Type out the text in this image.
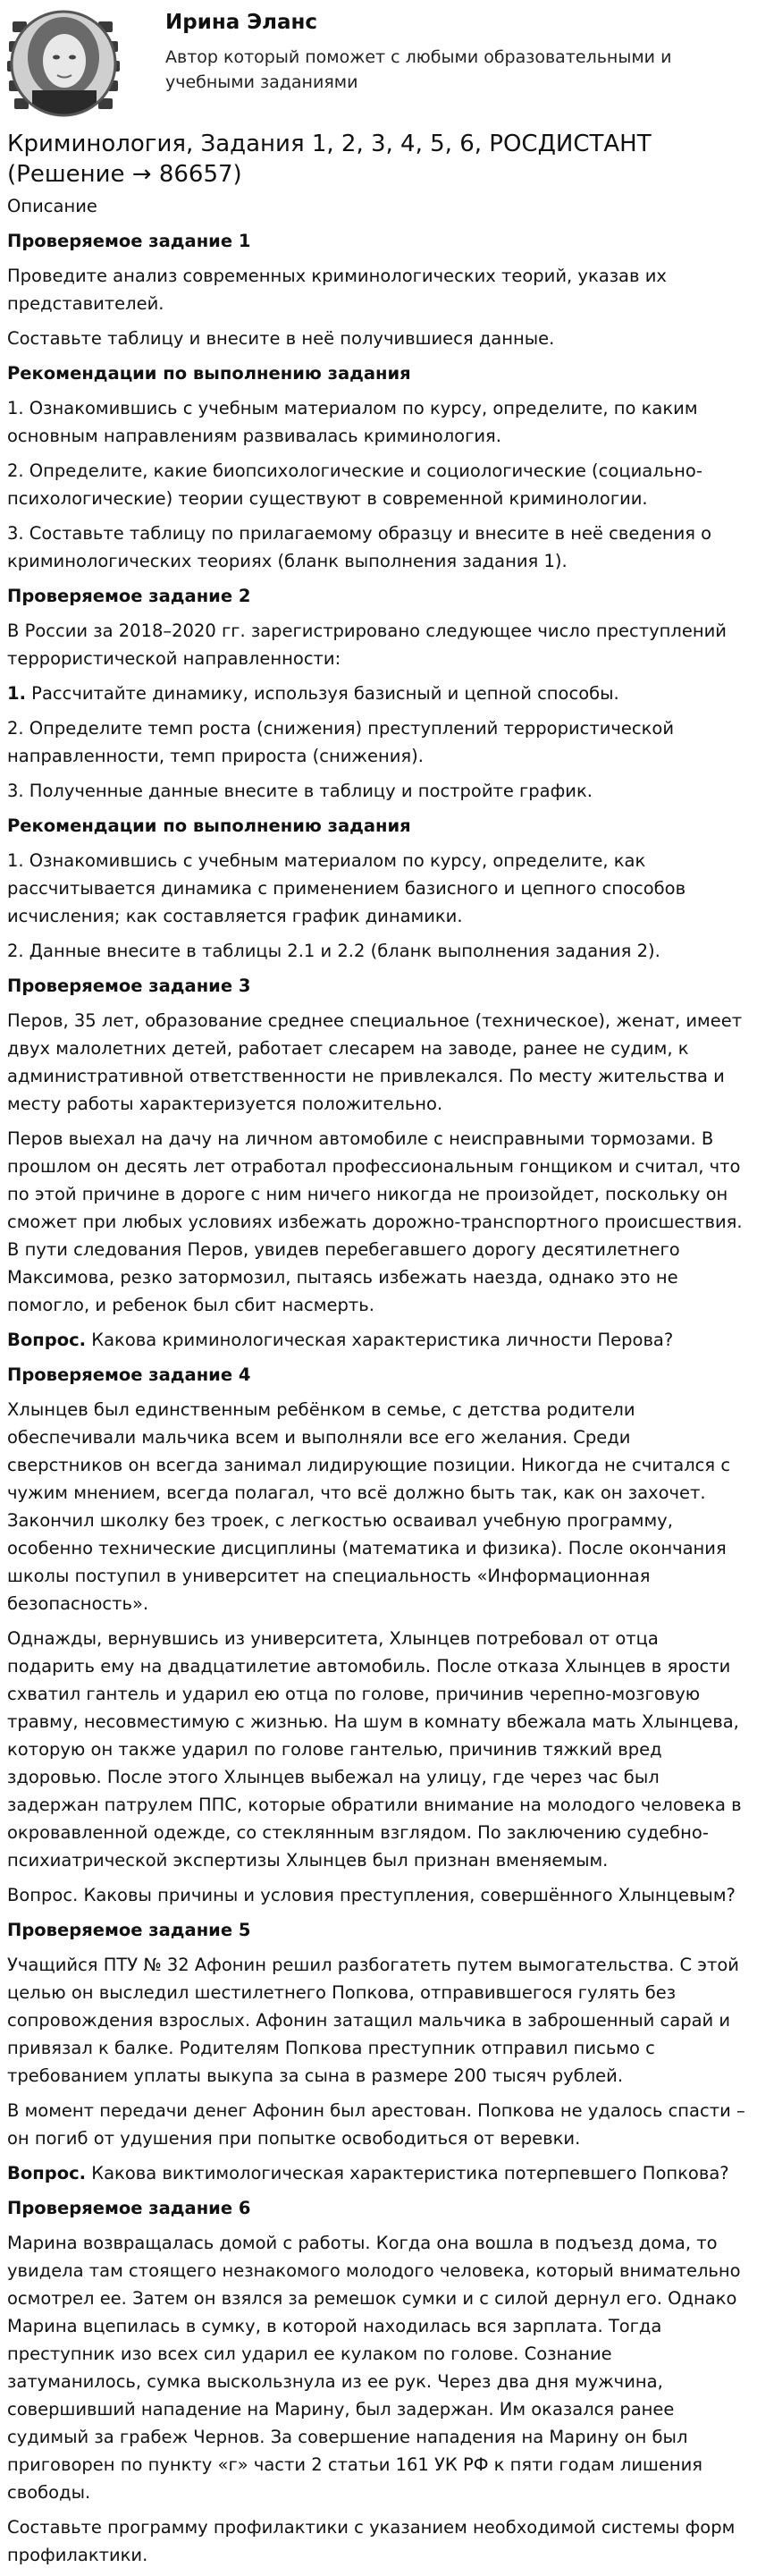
Ирина Эланс
Автор который поможет с любыми образовательными и учебными заданиями
Криминология, Задания 1, 2, 3, 4, 5, 6, РОСДИСТАНТ (Решение → 86657)

Описание

Проверяемое задание 1

Проведите анализ современных криминологических теорий, указав их представителей.

Составьте таблицу и внесите в неё получившиеся данные.

Рекомендации по выполнению задания

1. Ознакомившись с учебным материалом по курсу, определите, по каким основным направлениям развивалась криминология.

2. Определите, какие биопсихологические и социологические (социально-психологические) теории существуют в современной криминологии.

3. Составьте таблицу по прилагаемому образцу и внесите в неё сведения о криминологических теориях (бланк выполнения задания 1).

Проверяемое задание 2

В России за 2018–2020 гг. зарегистрировано следующее число преступлений террористической направленности:

1. Рассчитайте динамику, используя базисный и цепной способы.

2. Определите темп роста (снижения) преступлений террористической направленности, темп прироста (снижения).

3. Полученные данные внесите в таблицу и постройте график.

Рекомендации по выполнению задания

1. Ознакомившись с учебным материалом по курсу, определите, как рассчитывается динамика с применением базисного и цепного способов исчисления; как составляется график динамики.

2. Данные внесите в таблицы 2.1 и 2.2 (бланк выполнения задания 2).

Проверяемое задание 3

Перов, 35 лет, образование среднее специальное (техническое), женат, имеет двух малолетних детей, работает слесарем на заводе, ранее не судим, к административной ответственности не привлекался. По месту жительства и месту работы характеризуется положительно.

Перов выехал на дачу на личном автомобиле с неисправными тормозами. В прошлом он десять лет отработал профессиональным гонщиком и считал, что по этой причине в дороге с ним ничего никогда не произойдет, поскольку он сможет при любых условиях избежать дорожно-транспортного происшествия. В пути следования Перов, увидев перебегавшего дорогу десятилетнего Максимова, резко затормозил, пытаясь избежать наезда, однако это не помогло, и ребенок был сбит насмерть.

Вопрос. Какова криминологическая характеристика личности Перова?

Проверяемое задание 4

Хлынцев был единственным ребёнком в семье, с детства родители обеспечивали мальчика всем и выполняли все его желания. Среди сверстников он всегда занимал лидирующие позиции. Никогда не считался с чужим мнением, всегда полагал, что всё должно быть так, как он захочет. Закончил школку без троек, с легкостью осваивал учебную программу, особенно технические дисциплины (математика и физика). После окончания школы поступил в университет на специальность «Информационная безопасность».

Однажды, вернувшись из университета, Хлынцев потребовал от отца подарить ему на двадцатилетие автомобиль. После отказа Хлынцев в ярости схватил гантель и ударил ею отца по голове, причинив черепно-мозговую травму, несовместимую с жизнью. На шум в комнату вбежала мать Хлынцева, которую он также ударил по голове гантелью, причинив тяжкий вред здоровью. После этого Хлынцев выбежал на улицу, где через час был задержан патрулем ППС, которые обратили внимание на молодого человека в окровавленной одежде, со стеклянным взглядом. По заключению судебно-психиатрической экспертизы Хлынцев был признан вменяемым.

Вопрос. Каковы причины и условия преступления, совершённого Хлынцевым?

Проверяемое задание 5

Учащийся ПТУ № 32 Афонин решил разбогатеть путем вымогательства. С этой целью он выследил шестилетнего Попкова, отправившегося гулять без сопровождения взрослых. Афонин затащил мальчика в заброшенный сарай и привязал к балке. Родителям Попкова преступник отправил письмо с требованием уплаты выкупа за сына в размере 200 тысяч рублей.

В момент передачи денег Афонин был арестован. Попкова не удалось спасти – он погиб от удушения при попытке освободиться от веревки.

Вопрос. Какова виктимологическая характеристика потерпевшего Попкова?

Проверяемое задание 6

Марина возвращалась домой с работы. Когда она вошла в подъезд дома, то увидела там стоящего незнакомого молодого человека, который внимательно осмотрел ее. Затем он взялся за ремешок сумки и с силой дернул его. Однако Марина вцепилась в сумку, в которой находилась вся зарплата. Тогда преступник изо всех сил ударил ее кулаком по голове. Сознание затуманилось, сумка выскользнула из ее рук. Через два дня мужчина, совершивший нападение на Марину, был задержан. Им оказался ранее судимый за грабеж Чернов. За совершение нападения на Марину он был приговорен по пункту «г» части 2 статьи 161 УК РФ к пяти годам лишения свободы.

Составьте программу профилактики с указанием необходимой системы форм профилактики.
